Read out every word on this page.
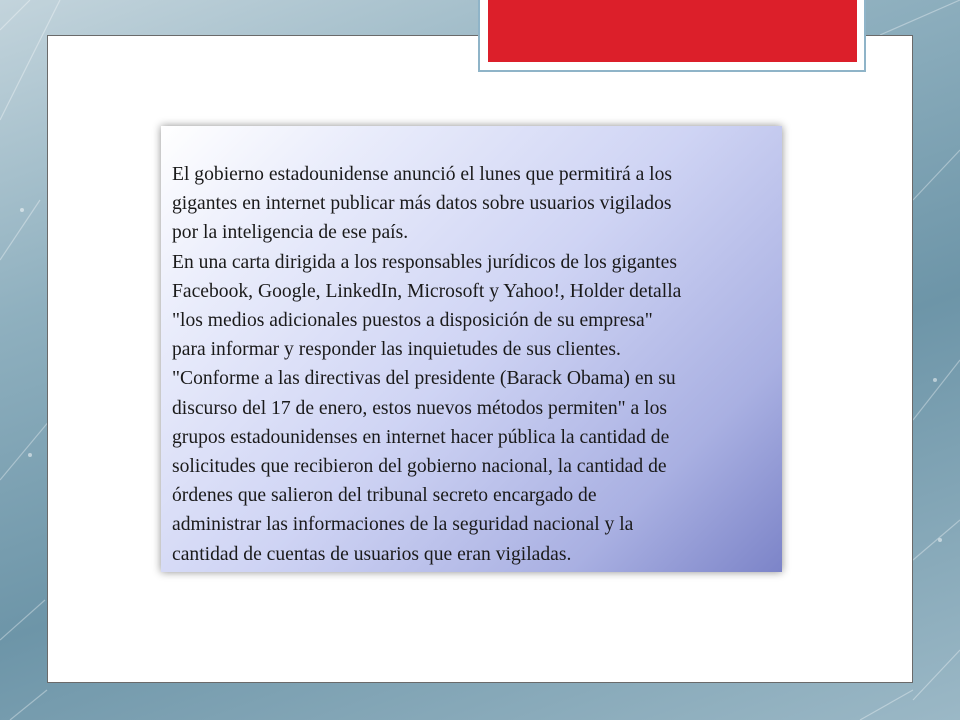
El gobierno estadounidense anunció el lunes que permitirá a los

gigantes en internet publicar más datos sobre usuarios vigilados

por la inteligencia de ese país.

En una carta dirigida a los responsables jurídicos de los gigantes

Facebook, Google, LinkedIn, Microsoft y Yahoo!, Holder detalla

"los medios adicionales puestos a disposición de su empresa"

para informar y responder las inquietudes de sus clientes.

"Conforme a las directivas del presidente (Barack Obama) en su

discurso del 17 de enero, estos nuevos métodos permiten" a los

grupos estadounidenses en internet hacer pública la cantidad de

solicitudes que recibieron del gobierno nacional, la cantidad de

órdenes que salieron del tribunal secreto encargado de

administrar las informaciones de la seguridad nacional y la

cantidad de cuentas de usuarios que eran vigiladas.
